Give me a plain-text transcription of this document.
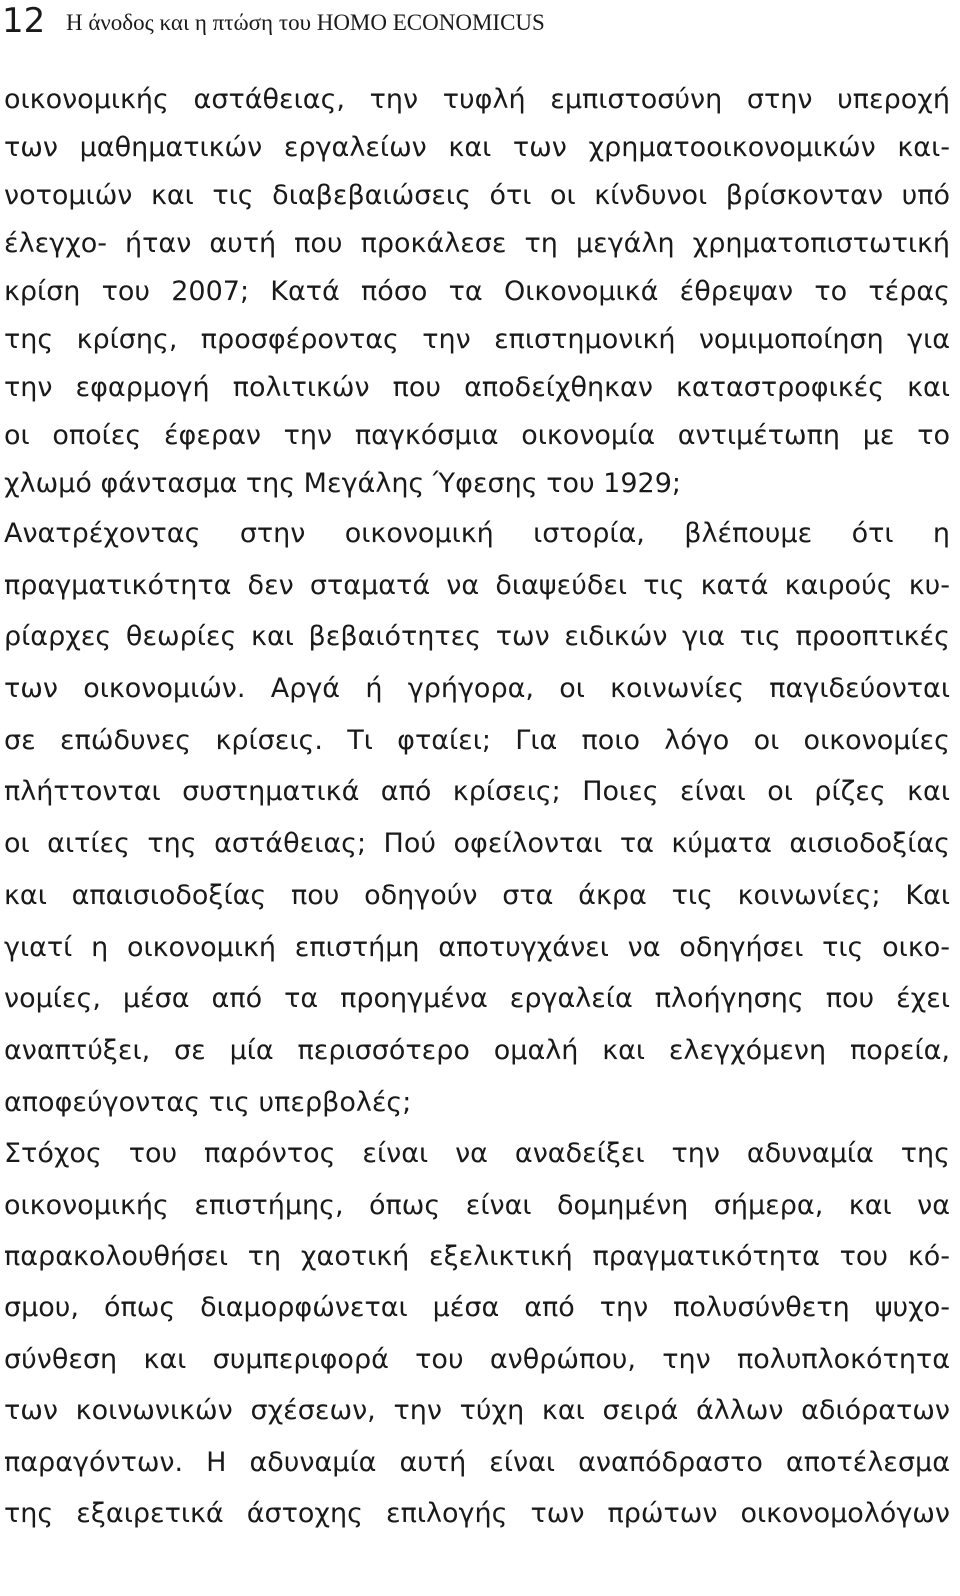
12 Η άνοδος και η πτώση του HOMO ECONOMICUS
οικονομικής αστάθειας, την τυφλή εμπιστοσύνη στην υπεροχή
των μαθηματικών εργαλείων και των χρηματοοικονομικών και-
νοτομιών και τις διαβεβαιώσεις ότι οι κίνδυνοι βρίσκονταν υπό
έλεγχο- ήταν αυτή που προκάλεσε τη μεγάλη χρηματοπιστωτική
κρίση του 2007; Κατά πόσο τα Οικονομικά έθρεψαν το τέρας
της κρίσης, προσφέροντας την επιστημονική νομιμοποίηση για
την εφαρμογή πολιτικών που αποδείχθηκαν καταστροφικές και
οι οποίες έφεραν την παγκόσμια οικονομία αντιμέτωπη με το
χλωμό φάντασμα της Μεγάλης Ύφεσης του 1929;
Ανατρέχοντας στην οικονομική ιστορία, βλέπουμε ότι η
πραγματικότητα δεν σταματά να διαψεύδει τις κατά καιρούς κυ-
ρίαρχες θεωρίες και βεβαιότητες των ειδικών για τις προοπτικές
των οικονομιών. Αργά ή γρήγορα, οι κοινωνίες παγιδεύονται
σε επώδυνες κρίσεις. Τι φταίει; Για ποιο λόγο οι οικονομίες
πλήττονται συστηματικά από κρίσεις; Ποιες είναι οι ρίζες και
οι αιτίες της αστάθειας; Πού οφείλονται τα κύματα αισιοδοξίας
και απαισιοδοξίας που οδηγούν στα άκρα τις κοινωνίες; Και
γιατί η οικονομική επιστήμη αποτυγχάνει να οδηγήσει τις οικο-
νομίες, μέσα από τα προηγμένα εργαλεία πλοήγησης που έχει
αναπτύξει, σε μία περισσότερο ομαλή και ελεγχόμενη πορεία,
αποφεύγοντας τις υπερβολές;
Στόχος του παρόντος είναι να αναδείξει την αδυναμία της
οικονομικής επιστήμης, όπως είναι δομημένη σήμερα, και να
παρακολουθήσει τη χαοτική εξελικτική πραγματικότητα του κό-
σμου, όπως διαμορφώνεται μέσα από την πολυσύνθετη ψυχο-
σύνθεση και συμπεριφορά του ανθρώπου, την πολυπλοκότητα
των κοινωνικών σχέσεων, την τύχη και σειρά άλλων αδιόρατων
παραγόντων. Η αδυναμία αυτή είναι αναπόδραστο αποτέλεσμα
της εξαιρετικά άστοχης επιλογής των πρώτων οικονομολόγων
